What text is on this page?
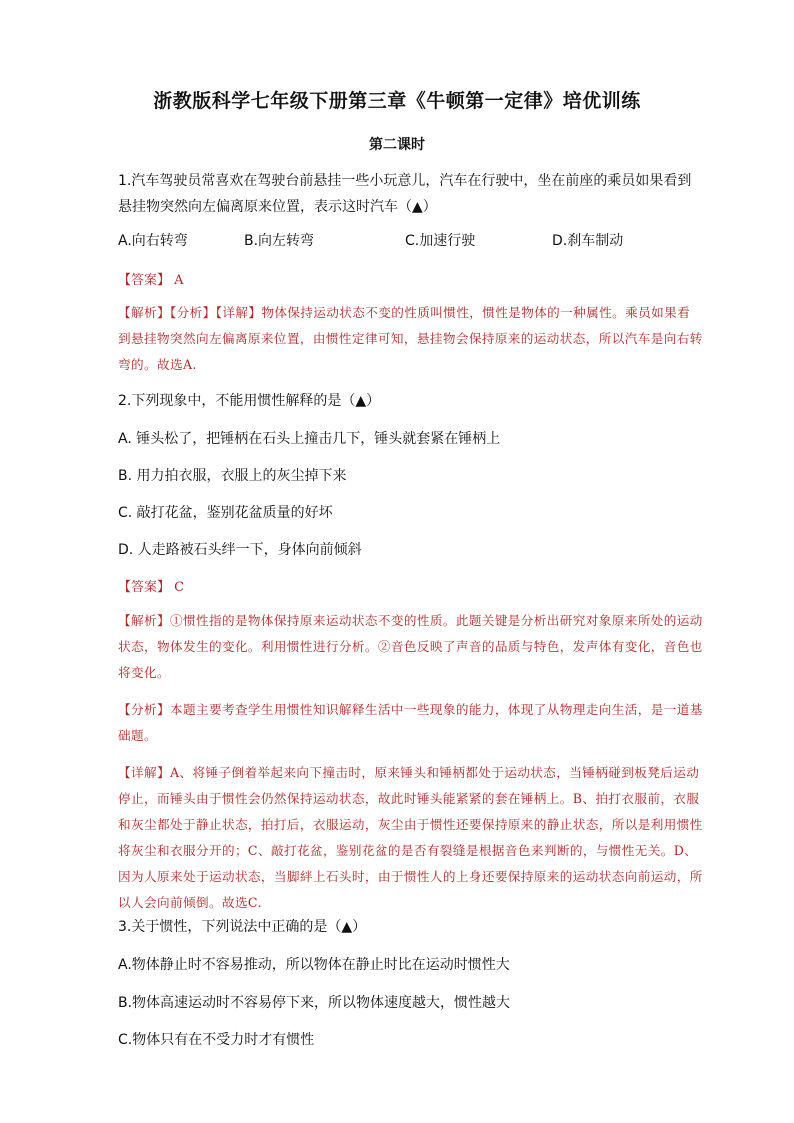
浙教版科学七年级下册第三章《牛顿第一定律》培优训练
第二课时
1.汽车驾驶员常喜欢在驾驶台前悬挂一些小玩意儿，汽车在行驶中，坐在前座的乘员如果看到悬挂物突然向左偏离原来位置，表示这时汽车（▲）
A.向右转弯	B.向左转弯	C.加速行驶	D.刹车制动
【答案】 A
【解析】【分析】【详解】物体保持运动状态不变的性质叫惯性，惯性是物体的一种属性。乘员如果看到悬挂物突然向左偏离原来位置，由惯性定律可知，悬挂物会保持原来的运动状态，所以汽车是向右转弯的。故选A.
2.下列现象中，不能用惯性解释的是（▲）
A. 锤头松了，把锤柄在石头上撞击几下，锤头就套紧在锤柄上
B. 用力拍衣服，衣服上的灰尘掉下来
C. 敲打花盆，鉴别花盆质量的好坏
D. 人走路被石头绊一下，身体向前倾斜
【答案】 C
【解析】①惯性指的是物体保持原来运动状态不变的性质。此题关键是分析出研究对象原来所处的运动状态，物体发生的变化。利用惯性进行分析。②音色反映了声音的品质与特色，发声体有变化，音色也将变化。
【分析】本题主要考查学生用惯性知识解释生活中一些现象的能力，体现了从物理走向生活，是一道基础题。
【详解】A、将锤子倒着举起来向下撞击时，原来锤头和锤柄都处于运动状态，当锤柄碰到板凳后运动停止，而锤头由于惯性会仍然保持运动状态，故此时锤头能紧紧的套在锤柄上。B、拍打衣服前，衣服和灰尘都处于静止状态，拍打后，衣服运动，灰尘由于惯性还要保持原来的静止状态，所以是利用惯性将灰尘和衣服分开的；C、敲打花盆，鉴别花盆的是否有裂缝是根据音色来判断的，与惯性无关。D、因为人原来处于运动状态，当脚絆上石头时，由于惯性人的上身还要保持原来的运动状态向前运动，所以人会向前倾倒。故选C.
3.关于惯性，下列说法中正确的是（▲）
A.物体静止时不容易推动，所以物体在静止时比在运动时惯性大
B.物体高速运动时不容易停下来，所以物体速度越大，惯性越大
C.物体只有在不受力时才有惯性
